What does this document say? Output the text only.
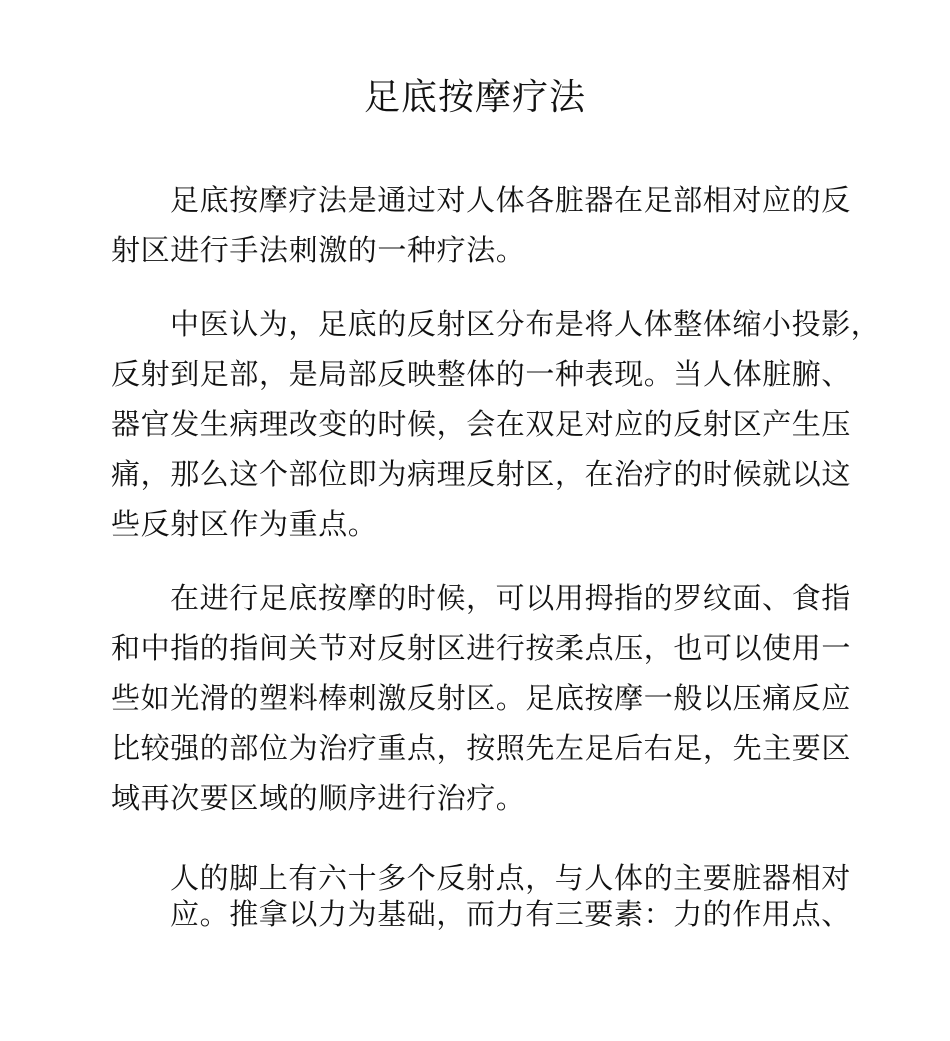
足底按摩疗法
足底按摩疗法是通过对人体各脏器在足部相对应的反
射区进行手法刺激的一种疗法。
中医认为，足底的反射区分布是将人体整体缩小投影，
反射到足部，是局部反映整体的一种表现。当人体脏腑、
器官发生病理改变的时候，会在双足对应的反射区产生压
痛，那么这个部位即为病理反射区，在治疗的时候就以这
些反射区作为重点。
在进行足底按摩的时候，可以用拇指的罗纹面、食指
和中指的指间关节对反射区进行按柔点压，也可以使用一
些如光滑的塑料棒刺激反射区。足底按摩一般以压痛反应
比较强的部位为治疗重点，按照先左足后右足，先主要区
域再次要区域的顺序进行治疗。
人的脚上有六十多个反射点，与人体的主要脏器相对
应。推拿以力为基础，而力有三要素：力的作用点、
